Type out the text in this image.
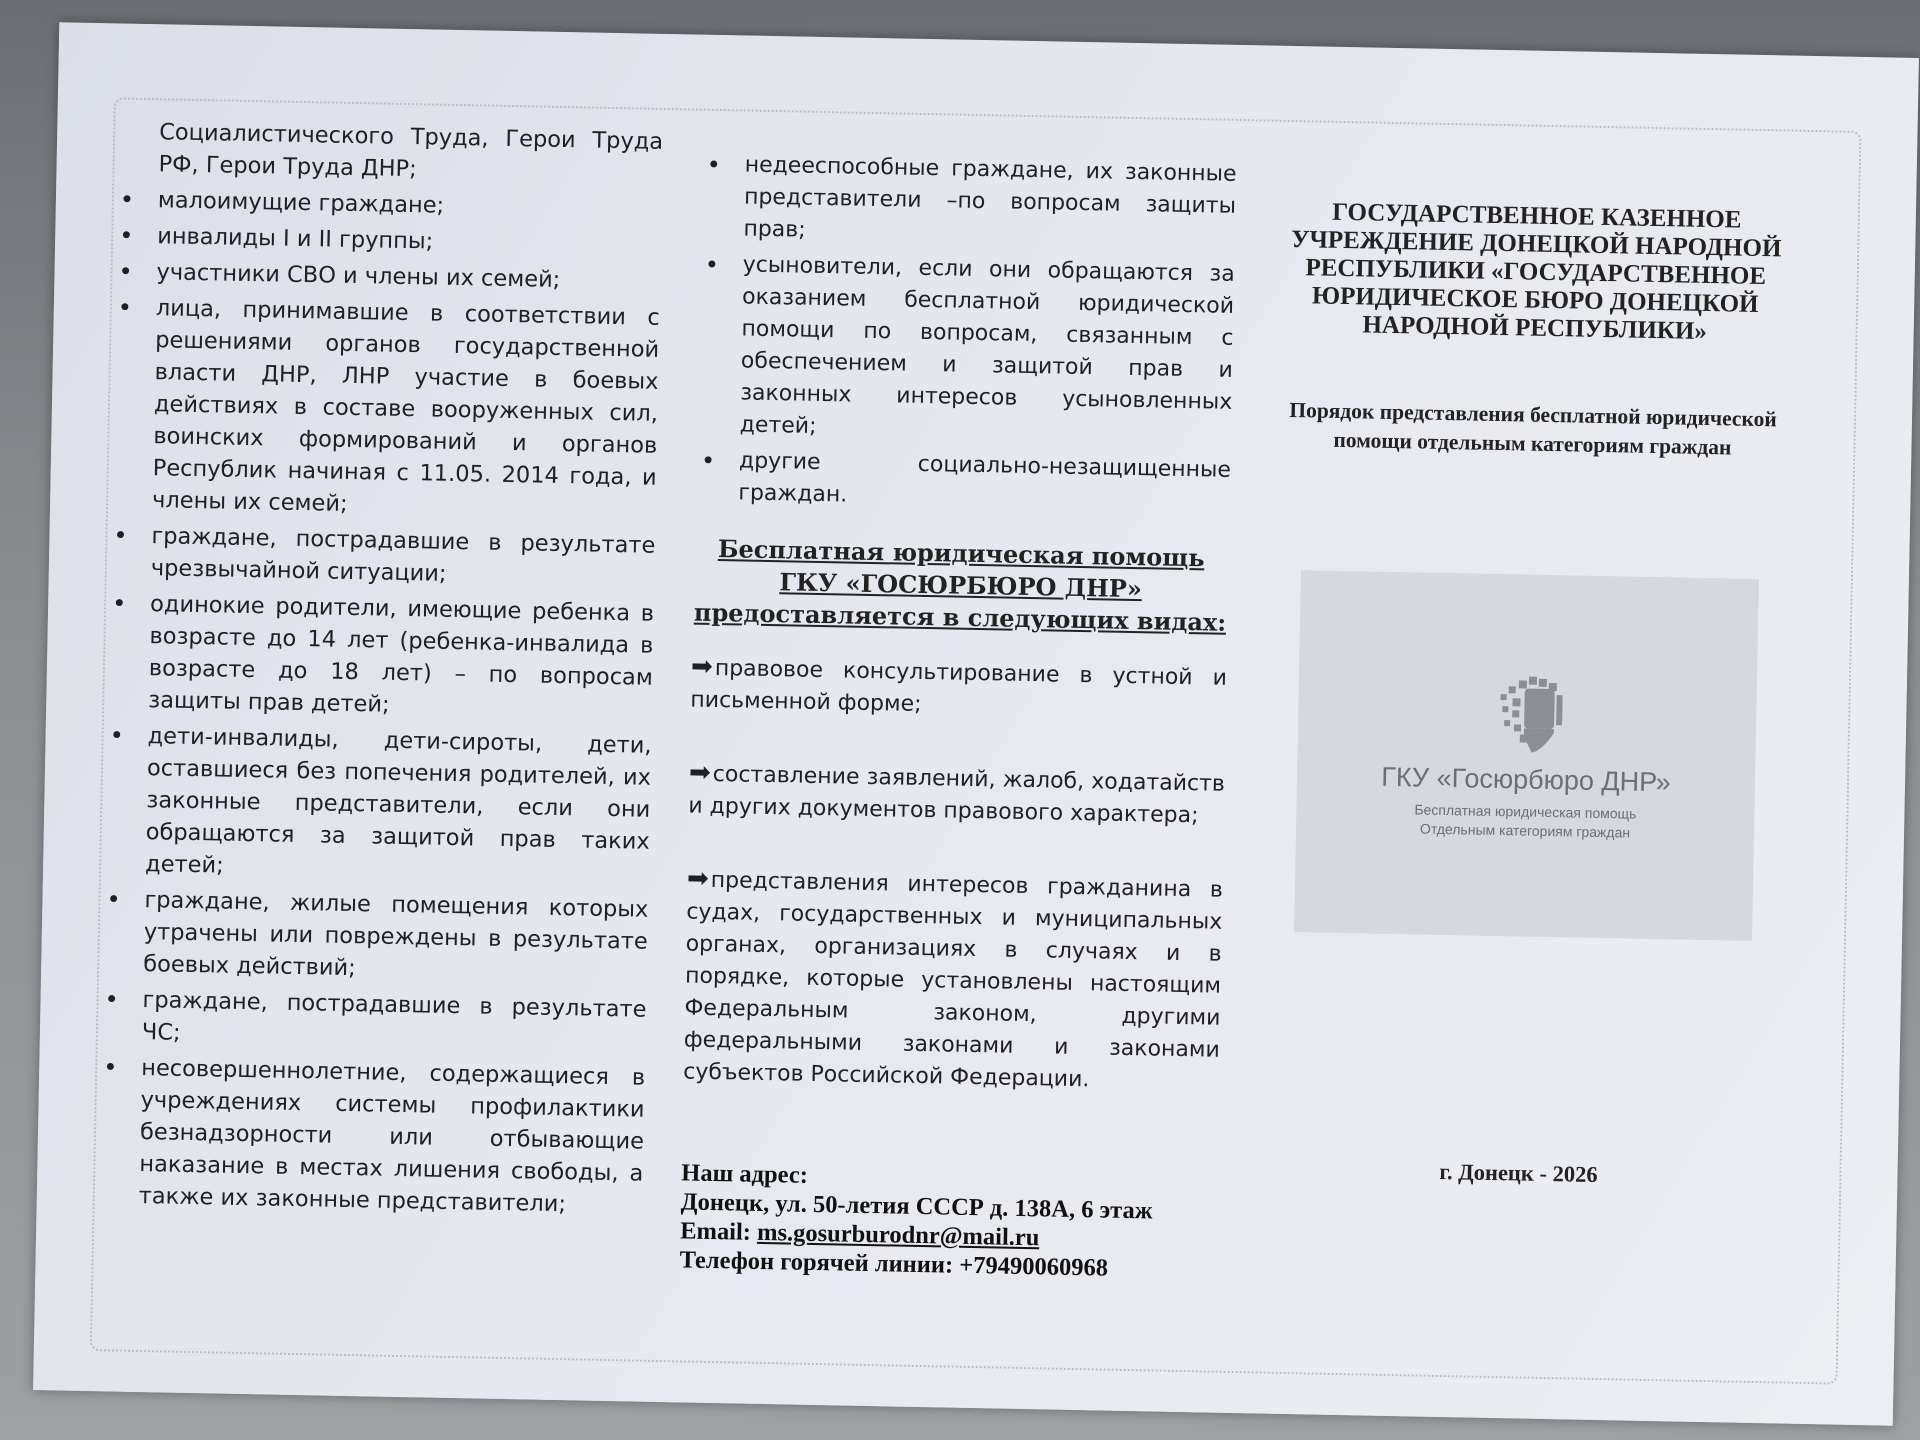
Социалистического Труда, Герои Труда РФ, Герои Труда ДНР;
• малоимущие граждане;
• инвалиды I и II группы;
• участники СВО и члены их семей;
• лица, принимавшие в соответствии с решениями органов государственной власти ДНР, ЛНР участие в боевых действиях в составе вооруженных сил, воинских формирований и органов Республик начиная с 11.05. 2014 года, и члены их семей;
• граждане, пострадавшие в результате чрезвычайной ситуации;
• одинокие родители, имеющие ребенка в возрасте до 14 лет (ребенка-инвалида в возрасте до 18 лет) – по вопросам защиты прав детей;
• дети-инвалиды, дети-сироты, дети, оставшиеся без попечения родителей, их законные представители, если они обращаются за защитой прав таких детей;
• граждане, жилые помещения которых утрачены или повреждены в результате боевых действий;
• граждане, пострадавшие в результате ЧС;
• несовершеннолетние, содержащиеся в учреждениях системы профилактики безнадзорности или отбывающие наказание в местах лишения свободы, а также их законные представители;
• недееспособные граждане, их законные представители –по вопросам защиты прав;
• усыновители, если они обращаются за оказанием бесплатной юридической помощи по вопросам, связанным с обеспечением и защитой прав и законных интересов усыновленных детей;
• другие социально-незащищенные граждан.
Бесплатная юридическая помощь
ГКУ «ГОСЮРБЮРО ДНР»
предоставляется в следующих видах:
➡правовое консультирование в устной и письменной форме;
➡составление заявлений, жалоб, ходатайств и других документов правового характера;
➡представления интересов гражданина в судах, государственных и муниципальных органах, организациях в случаях и в порядке, которые установлены настоящим Федеральным законом, другими федеральными законами и законами субъектов Российской Федерации.
Наш адрес:
Донецк, ул. 50-летия СССР д. 138А, 6 этаж
Email: ms.gosurburodnr@mail.ru
Телефон горячей линии: +79490060968
ГОСУДАРСТВЕННОЕ КАЗЕННОЕ УЧРЕЖДЕНИЕ ДОНЕЦКОЙ НАРОДНОЙ РЕСПУБЛИКИ «ГОСУДАРСТВЕННОЕ ЮРИДИЧЕСКОЕ БЮРО ДОНЕЦКОЙ НАРОДНОЙ РЕСПУБЛИКИ»
Порядок представления бесплатной юридической помощи отдельным категориям граждан
ГКУ «Госюрбюро ДНР»
Бесплатная юридическая помощь
Отдельным категориям граждан
г. Донецк - 2026
